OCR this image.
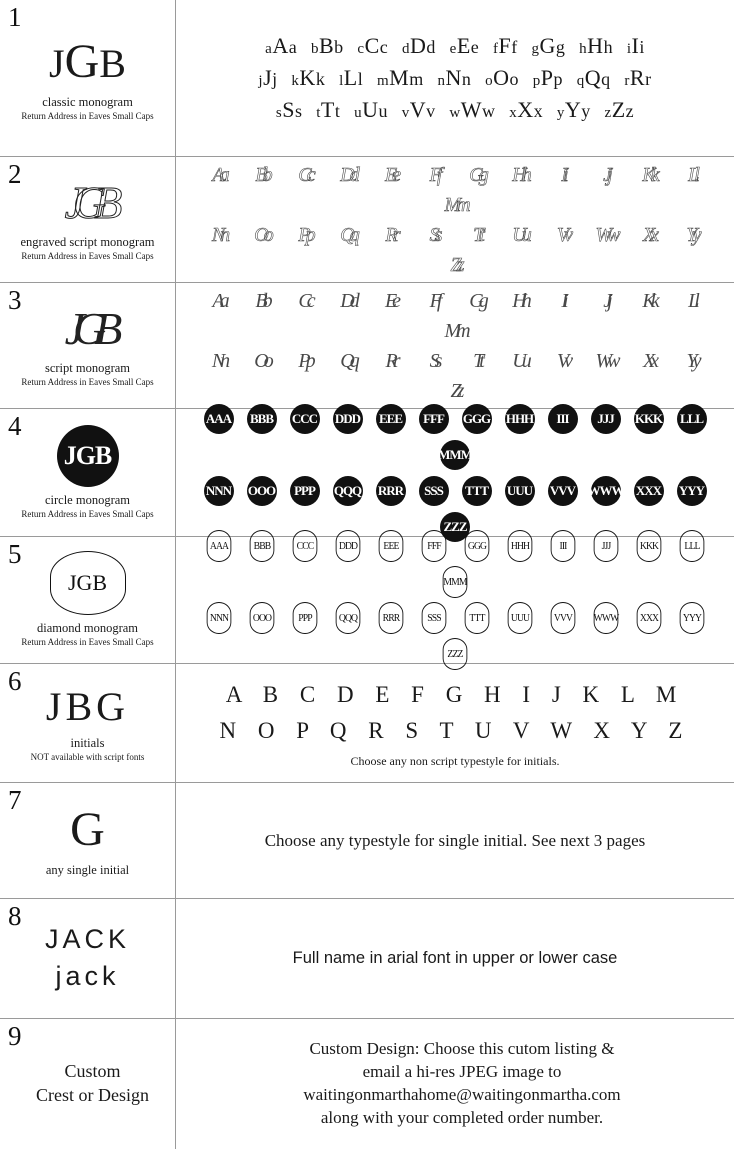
1
JGB
classic monogram
Return Address in Eaves Small Caps
aAa bBb cCc dDd eEe fFf gGg hHh iIi
jJj kKk lLl mMm nNn oOo pPp qQq rRr
sSs tTt uUu vVv wWw xXx yYy zZz
2
JGB
engraved script monogram
Return Address in Eaves Small Caps
Aa	Bb	Cc	Dd	Ee	Ff	Gg	Hh	Ii	Jj	Kk	Ll
Mm
Nn	Oo	Pp	Qq	Rr	Ss	Tt	Uu	Vv	Ww	Xx	Yy
Zz
3
JGB
script monogram
Return Address in Eaves Small Caps
Aa	Bb	Cc	Dd	Ee	Ff	Gg	Hh	Ii	Jj	Kk	Ll
Mm
Nn	Oo	Pp	Qq	Rr	Ss	Tt	Uu	Vv	Ww	Xx	Yy
Zz
4
JGB
circle monogram
Return Address in Eaves Small Caps
AAA BBB CCC DDD EEE	FFF	GGG HHH	III	JJJ	KKK LLL
MMM
NNN OOO	PPP	QQQ RRR	SSS	TTT UUU VVV WWW XXX YYY
ZZZ
5
JGB
diamond monogram
Return Address in Eaves Small Caps
AAA	BBB	CCC	DDD	EEE	FFF	GGG HHH	III	JJJ	KKK	LLL
MMM
NNN OOO	PPP	QQQ	RRR	SSS	TTT	UUU VVV WWW XXX YYY
ZZZ
6
JBG
initials
NOT available with script fonts
A B C D E F G H I J K L M
N O P Q R S T U V W X Y Z
Choose any non script typestyle for initials.
7
G
any single initial
Choose any typestyle for single initial. See next 3 pages
8
JACK
jack
Full name in arial font in upper or lower case
9
Custom
Crest or Design
Custom Design: Choose this cutom listing &
email a hi-res JPEG image to
waitingonmarthahome@waitingonmartha.com
along with your completed order number.
